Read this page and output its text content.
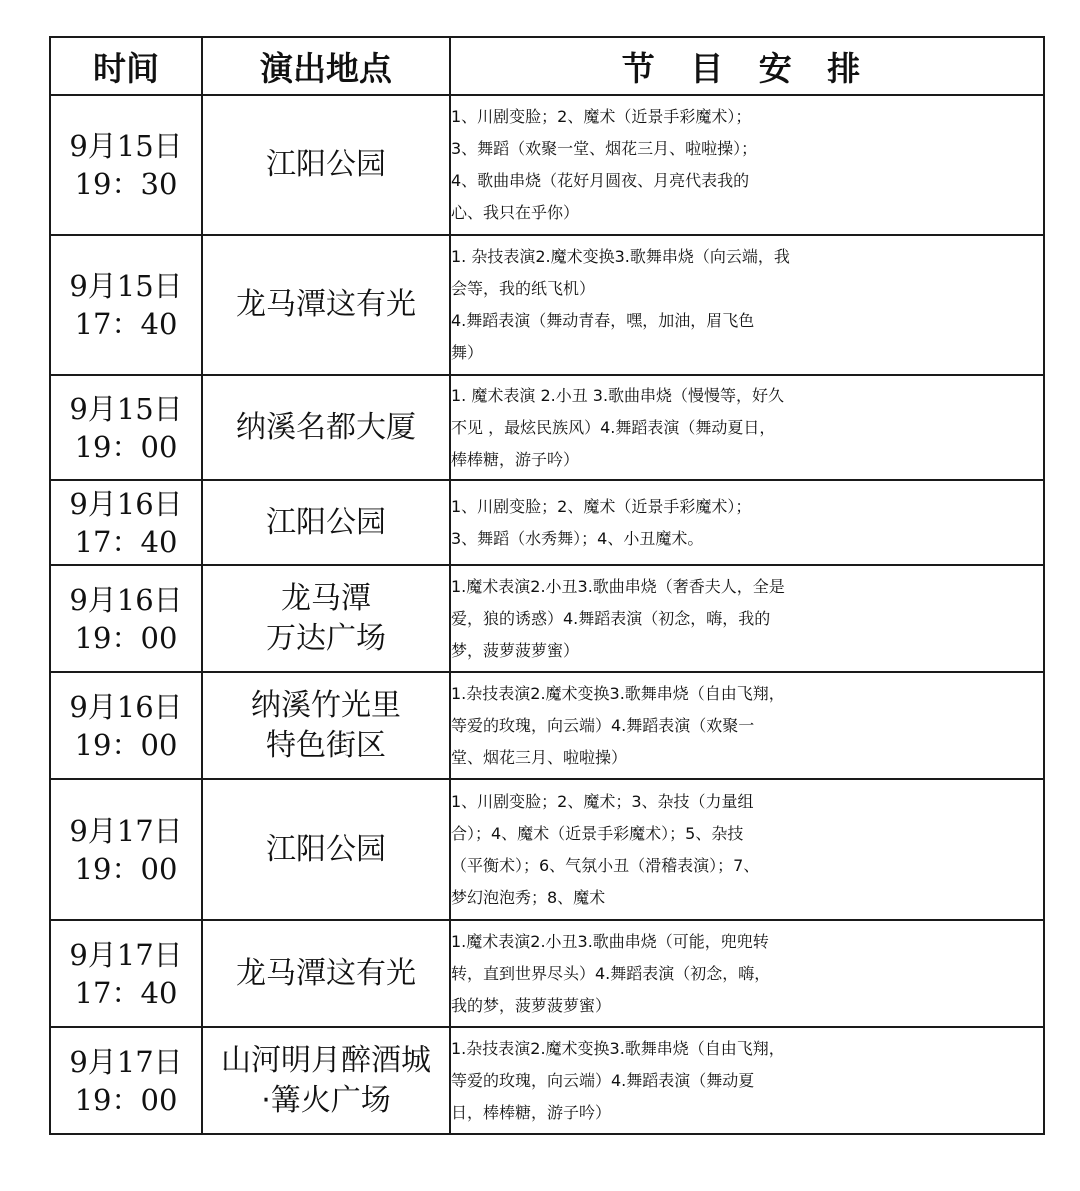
时间	演出地点	节 目 安 排

9月15日
19：30	江阳公园	1、川剧变脸；2、魔术（近景手彩魔术）；
3、舞蹈（欢聚一堂、烟花三月、啦啦操）；
4、歌曲串烧（花好月圆夜、月亮代表我的
心、我只在乎你）

9月15日
17：40	龙马潭这有光	1. 杂技表演2.魔术变换3.歌舞串烧（向云端，我
会等，我的纸飞机）
4.舞蹈表演（舞动青春，嘿，加油，眉飞色
舞）

9月15日
19：00	纳溪名都大厦	1. 魔术表演 2.小丑 3.歌曲串烧（慢慢等，好久
不见 ，最炫民族风）4.舞蹈表演（舞动夏日，
棒棒糖，游子吟）

9月16日
17：40	江阳公园	1、川剧变脸；2、魔术（近景手彩魔术）；
3、舞蹈（水秀舞）；4、小丑魔术。

9月16日
19：00	龙马潭
万达广场	1.魔术表演2.小丑3.歌曲串烧（奢香夫人，全是
爱，狼的诱惑）4.舞蹈表演（初念，嗨，我的
梦，菠萝菠萝蜜）

9月16日
19：00	纳溪竹光里
特色街区	1.杂技表演2.魔术变换3.歌舞串烧（自由飞翔，
等爱的玫瑰，向云端）4.舞蹈表演（欢聚一
堂、烟花三月、啦啦操）

9月17日
19：00	江阳公园	1、川剧变脸；2、魔术；3、杂技（力量组
合）；4、魔术（近景手彩魔术）；5、杂技
（平衡术）；6、气氛小丑（滑稽表演）；7、
梦幻泡泡秀；8、魔术

9月17日
17：40	龙马潭这有光	1.魔术表演2.小丑3.歌曲串烧（可能，兜兜转
转，直到世界尽头）4.舞蹈表演（初念，嗨，
我的梦，菠萝菠萝蜜）

9月17日
19：00	山河明月醉酒城
·篝火广场	1.杂技表演2.魔术变换3.歌舞串烧（自由飞翔，
等爱的玫瑰，向云端）4.舞蹈表演（舞动夏
日，棒棒糖，游子吟）
